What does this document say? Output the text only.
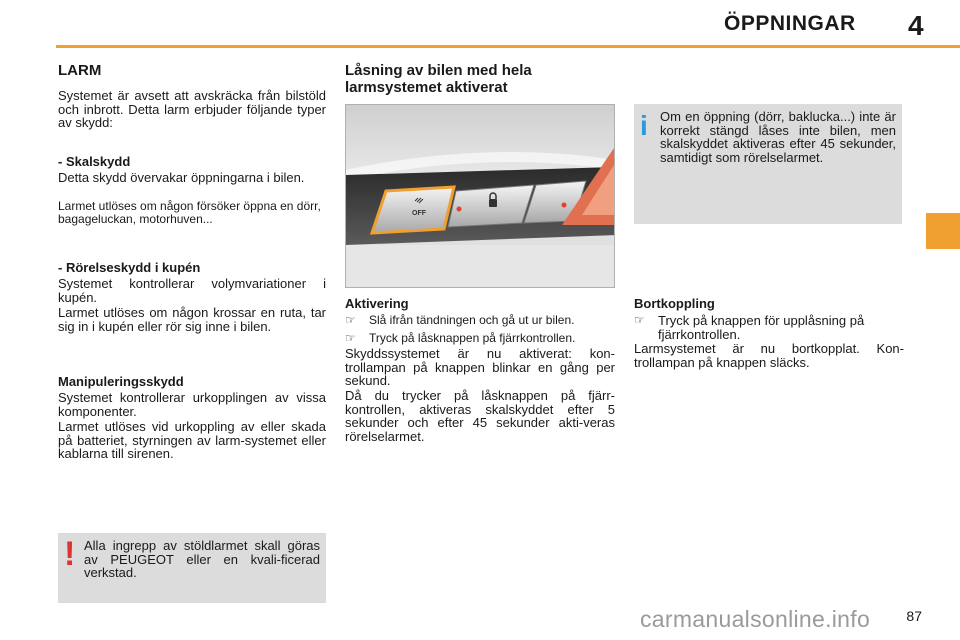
ÖPPNINGAR 4
LARM

Systemet är avsett att avskräcka från bilstöld och inbrott. Detta larm erbjuder följande typer av skydd:

- Skalskydd

Detta skydd övervakar öppningarna i bilen.

Larmet utlöses om någon försöker öppna en dörr, bagageluckan, motorhuven...

- Rörelseskydd i kupén

Systemet kontrollerar volymvariationer i kupén.

Larmet utlöses om någon krossar en ruta, tar sig in i kupén eller rör sig inne i bilen.

Manipuleringsskydd

Systemet kontrollerar urkopplingen av vissa komponenter.

Larmet utlöses vid urkoppling av eller skada på batteriet, styrningen av larm-systemet eller kablarna till sirenen.

! Alla ingrepp av stöldlarmet skall göras av PEUGEOT eller en kvali-ficerad verkstad.

Låsning av bilen med hela larmsystemet aktiverat
OFF
Aktivering
☞	Slå ifrån tändningen och gå ut ur bilen.
☞	Tryck på låsknappen på fjärrkontrollen.

Skyddssystemet är nu aktiverat: kon-trollampan på knappen blinkar en gång per sekund.

Då du trycker på låsknappen på fjärr-kontrollen, aktiveras skalskyddet efter 5 sekunder och efter 45 sekunder akti-veras rörelselarmet.

i Om en öppning (dörr, baklucka...) inte är korrekt stängd låses inte bilen, men skalskyddet aktiveras efter 45 sekunder, samtidigt som rörelselarmet.

Bortkoppling
☞	Tryck på knappen för upplåsning på fjärrkontrollen.

Larmsystemet är nu bortkopplat. Kon-trollampan på knappen släcks.

carmanualsonline.info	87
